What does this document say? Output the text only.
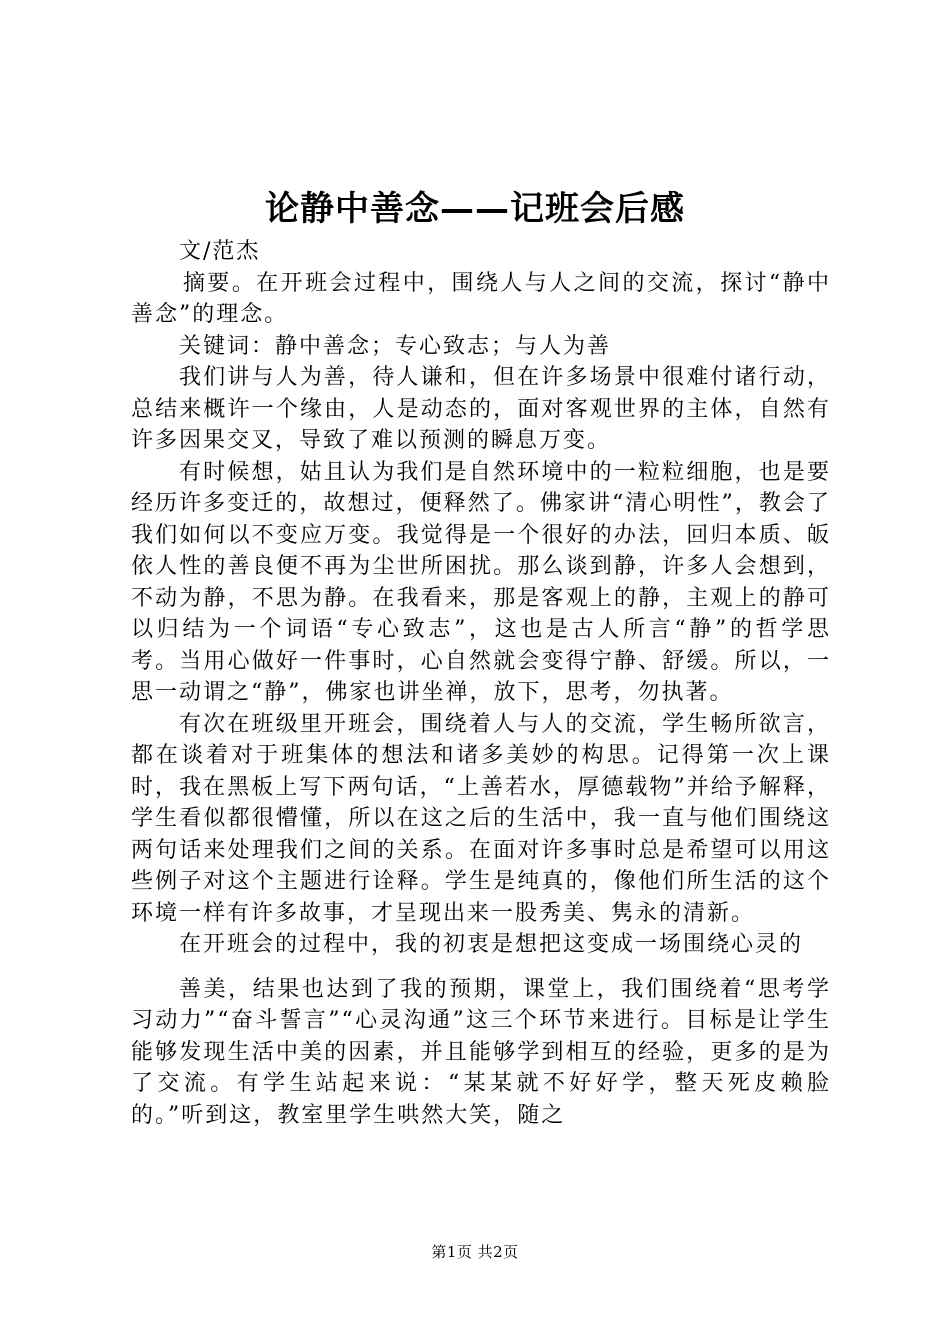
论静中善念——记班会后感

文/范杰

摘要。在开班会过程中，围绕人与人之间的交流，探讨“静中善念”的理念。

关键词：静中善念；专心致志；与人为善

我们讲与人为善，待人谦和，但在许多场景中很难付诸行动，总结来概许一个缘由，人是动态的，面对客观世界的主体，自然有许多因果交叉，导致了难以预测的瞬息万变。

有时候想，姑且认为我们是自然环境中的一粒粒细胞，也是要经历许多变迁的，故想过，便释然了。佛家讲“清心明性”，教会了我们如何以不变应万变。我觉得是一个很好的办法，回归本质、皈依人性的善良便不再为尘世所困扰。那么谈到静，许多人会想到，不动为静，不思为静。在我看来，那是客观上的静，主观上的静可以归结为一个词语“专心致志”，这也是古人所言“静”的哲学思考。当用心做好一件事时，心自然就会变得宁静、舒缓。所以，一思一动谓之“静”，佛家也讲坐禅，放下，思考，勿执著。

有次在班级里开班会，围绕着人与人的交流，学生畅所欲言，都在谈着对于班集体的想法和诸多美妙的构思。记得第一次上课时，我在黑板上写下两句话，“上善若水，厚德载物”并给予解释，学生看似都很懵懂，所以在这之后的生活中，我一直与他们围绕这两句话来处理我们之间的关系。在面对许多事时总是希望可以用这些例子对这个主题进行诠释。学生是纯真的，像他们所生活的这个环境一样有许多故事，才呈现出来一股秀美、隽永的清新。

在开班会的过程中，我的初衷是想把这变成一场围绕心灵的

善美，结果也达到了我的预期，课堂上，我们围绕着“思考学习动力”“奋斗誓言”“心灵沟通”这三个环节来进行。目标是让学生能够发现生活中美的因素，并且能够学到相互的经验，更多的是为了交流。有学生站起来说：“某某就不好好学，整天死皮赖脸的。”听到这，教室里学生哄然大笑，随之

第1页 共2页
